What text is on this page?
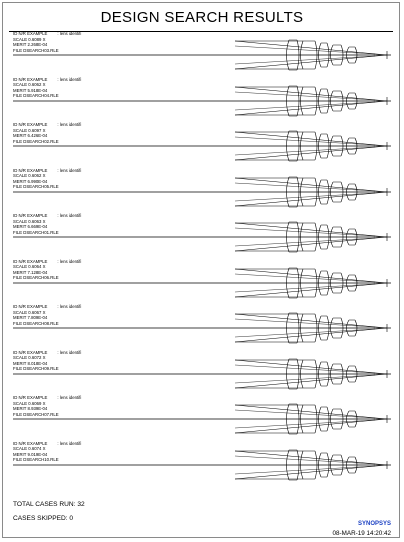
DESIGN SEARCH RESULTS
ID N/R EXAMPLE : lens identifi
SCALE 0.6089 X
MERIT 2.268E-04
FILE DSEARCH03.RLE
ID N/R EXAMPLE : lens identifi
SCALE 0.6062 X
MERIT 5.918E-04
FILE DSEARCH04.RLE
ID N/R EXAMPLE : lens identifi
SCALE 0.6097 X
MERIT 6.426E-04
FILE DSEARCH02.RLE
ID N/R EXAMPLE : lens identifi
SCALE 0.6062 X
MERIT 6.990E-04
FILE DSEARCH05.RLE
ID N/R EXAMPLE : lens identifi
SCALE 0.6063 X
MERIT 6.669E-04
FILE DSEARCH01.RLE
ID N/R EXAMPLE : lens identifi
SCALE 0.6064 X
MERIT 7.128E-04
FILE DSEARCH06.RLE
ID N/R EXAMPLE : lens identifi
SCALE 0.6067 X
MERIT 7.809E-04
FILE DSEARCH08.RLE
ID N/R EXAMPLE : lens identifi
SCALE 0.6072 X
MERIT 8.018E-04
FILE DSEARCH09.RLE
ID N/R EXAMPLE : lens identifi
SCALE 0.6069 X
MERIT 8.939E-04
FILE DSEARCH07.RLE
ID N/R EXAMPLE : lens identifi
SCALE 0.6074 X
MERIT 9.019E-04
FILE DSEARCH10.RLE
TOTAL CASES RUN: 32
CASES SKIPPED: 0
SYNOPSYS
08-MAR-19 14:20:42
